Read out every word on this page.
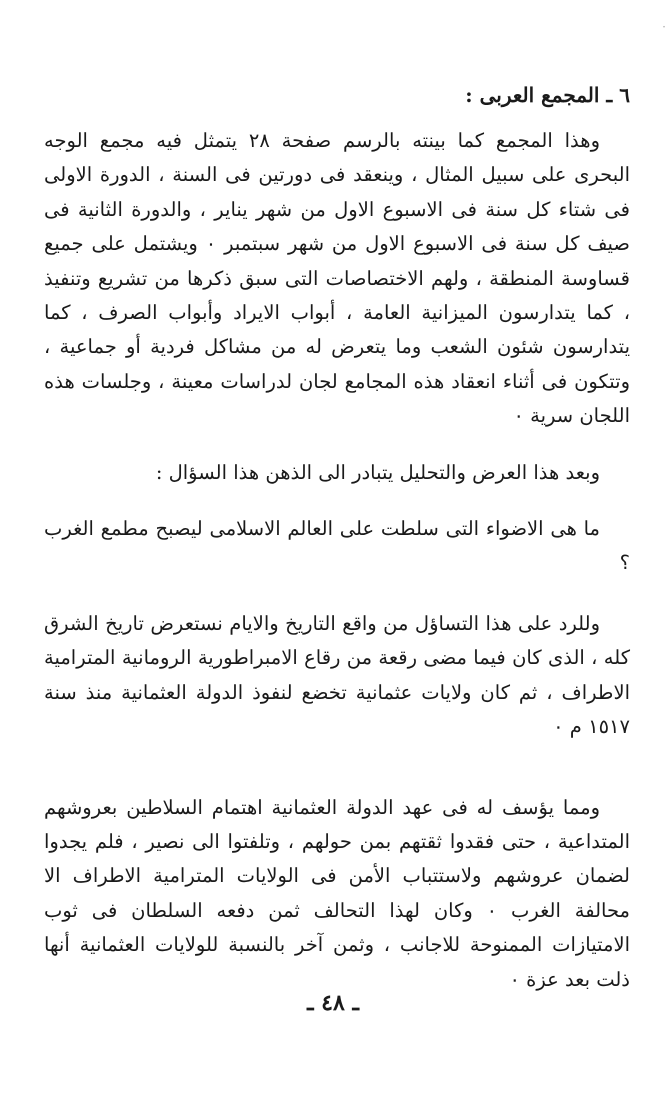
٦ ـ المجمع العربى :

وهذا المجمع كما بينته بالرسم صفحة ٢٨ يتمثل فيه مجمع الوجه البحرى على سبيل المثال ، وينعقد فى دورتين فى السنة ، الدورة الاولى فى شتاء كل سنة فى الاسبوع الاول من شهر يناير ، والدورة الثانية فى صيف كل سنة فى الاسبوع الاول من شهر سبتمبر ٠ ويشتمل على جميع قساوسة المنطقة ، ولهم الاختصاصات التى سبق ذكرها من تشريع وتنفيذ ، كما يتدارسون الميزانية العامة ، أبواب الايراد وأبواب الصرف ، كما يتدارسون شئون الشعب وما يتعرض له من مشاكل فردية أو جماعية ، وتتكون فى أثناء انعقاد هذه المجامع لجان لدراسات معينة ، وجلسات هذه اللجان سرية ٠

وبعد هذا العرض والتحليل يتبادر الى الذهن هذا السؤال :

ما هى الاضواء التى سلطت على العالم الاسلامى ليصبح مطمع الغرب ؟

وللرد على هذا التساؤل من واقع التاريخ والايام نستعرض تاريخ الشرق كله ، الذى كان فيما مضى رقعة من رقاع الامبراطورية الرومانية المترامية الاطراف ، ثم كان ولايات عثمانية تخضع لنفوذ الدولة العثمانية منذ سنة ١٥١٧ م ٠

ومما يؤسف له فى عهد الدولة العثمانية اهتمام السلاطين بعروشهم المتداعية ، حتى فقدوا ثقتهم بمن حولهم ، وتلفتوا الى نصير ، فلم يجدوا لضمان عروشهم ولاستتباب الأمن فى الولايات المترامية الاطراف الا محالفة الغرب ٠ وكان لهذا التحالف ثمن دفعه السلطان فى ثوب الامتيازات الممنوحة للاجانب ، وثمن آخر بالنسبة للولايات العثمانية أنها ذلت بعد عزة ٠

ـ ٤٨ ـ
·
